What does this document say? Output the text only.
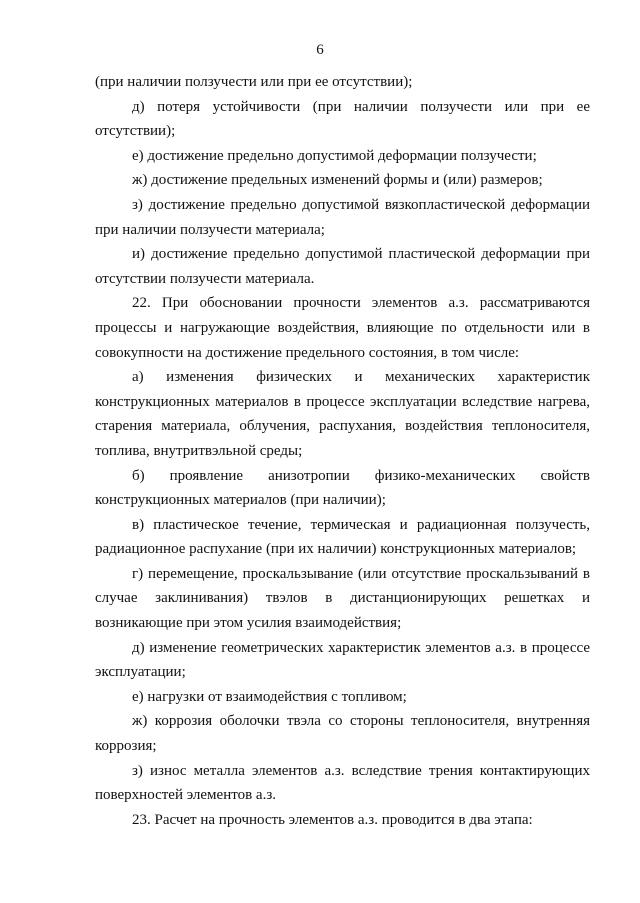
6

(при наличии ползучести или при ее отсутствии);

д) потеря устойчивости (при наличии ползучести или при ее отсутствии);

е) достижение предельно допустимой деформации ползучести;

ж) достижение предельных изменений формы и (или) размеров;

з) достижение предельно допустимой вязкопластической деформации при наличии ползучести материала;

и) достижение предельно допустимой пластической деформации при отсутствии ползучести материала.

22. При обосновании прочности элементов а.з. рассматриваются процессы и нагружающие воздействия, влияющие по отдельности или в совокупности на достижение предельного состояния, в том числе:

а) изменения физических и механических характеристик конструкционных материалов в процессе эксплуатации вследствие нагрева, старения материала, облучения, распухания, воздействия теплоносителя, топлива, внутритвэльной среды;

б) проявление анизотропии физико-механических свойств конструкционных материалов (при наличии);

в) пластическое течение, термическая и радиационная ползучесть, радиационное распухание (при их наличии) конструкционных материалов;

г) перемещение, проскальзывание (или отсутствие проскальзываний в случае заклинивания) твэлов в дистанционирующих решетках и возникающие при этом усилия взаимодействия;

д) изменение геометрических характеристик элементов а.з. в процессе эксплуатации;

е) нагрузки от взаимодействия с топливом;

ж) коррозия оболочки твэла со стороны теплоносителя, внутренняя коррозия;

з) износ металла элементов а.з. вследствие трения контактирующих поверхностей элементов а.з.

23. Расчет на прочность элементов а.з. проводится в два этапа:
